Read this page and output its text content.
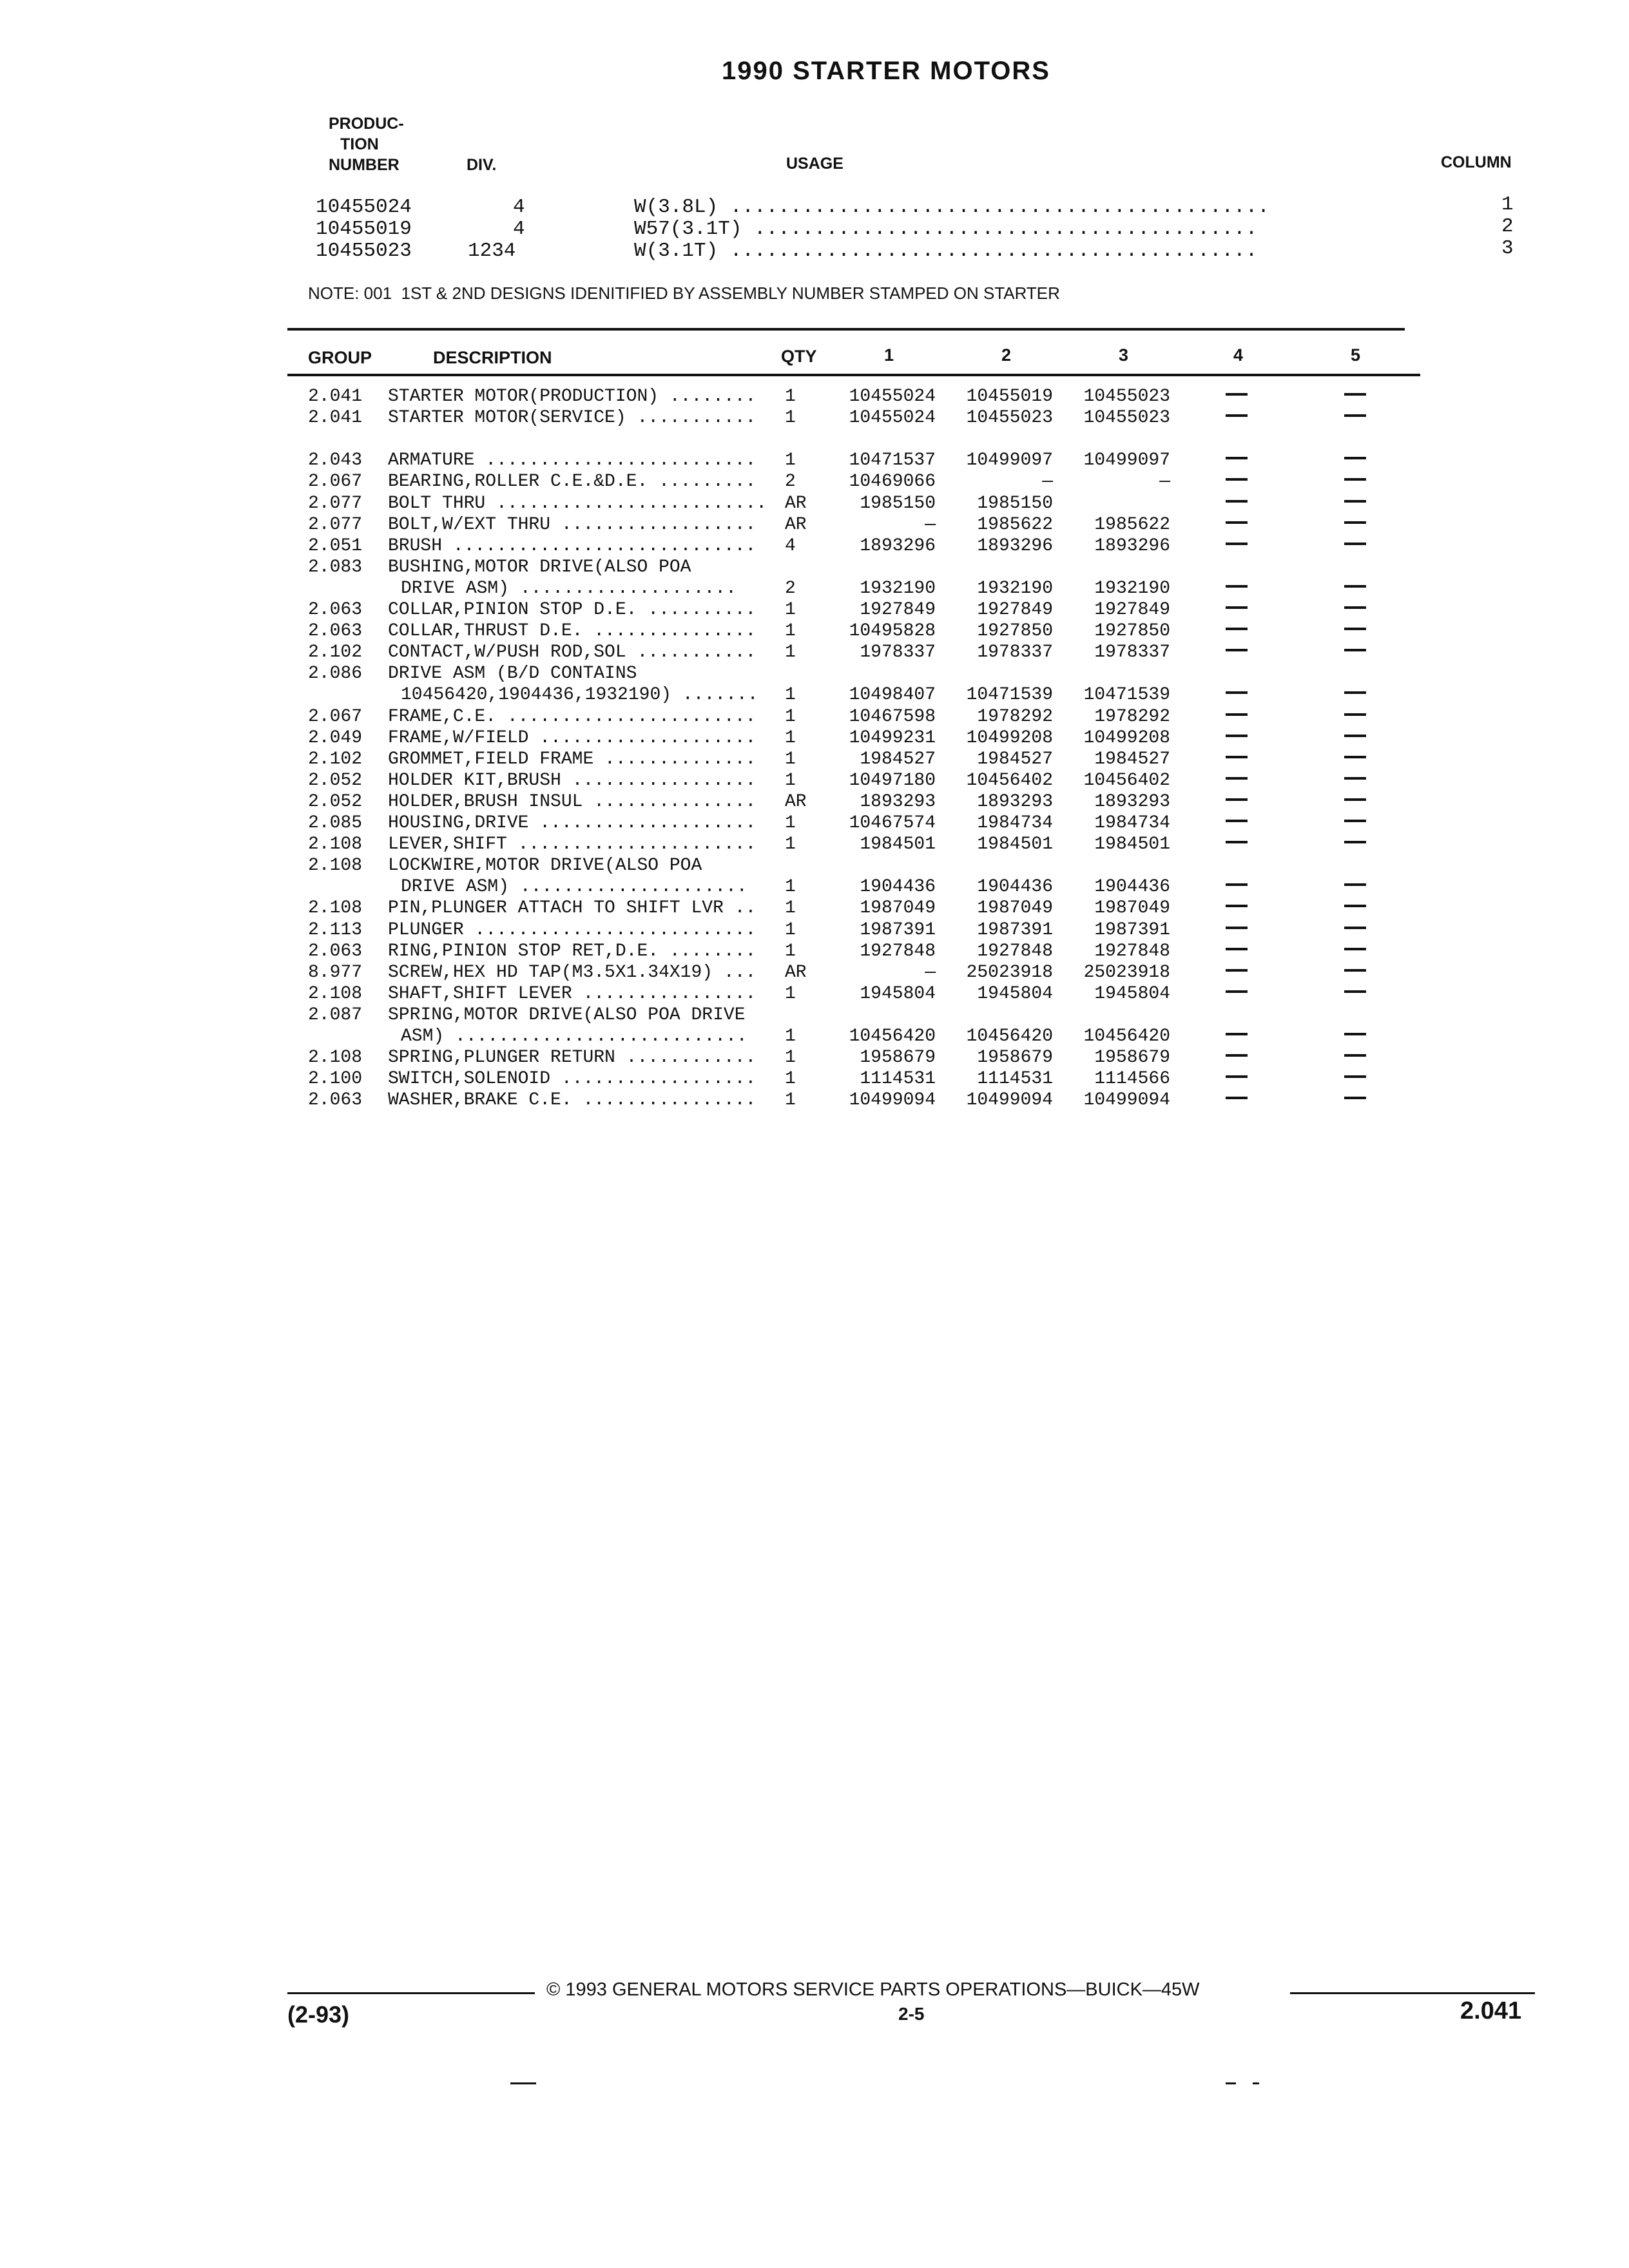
1990 STARTER MOTORS
PRODUC-
TION
NUMBER	DIV.	USAGE	COLUMN
10455024	4	W(3.8L) .............................................	1
10455019	4	W57(3.1T) ..........................................	2
10455023	1234	W(3.1T) ............................................	3
NOTE: 001  1ST & 2ND DESIGNS IDENITIFIED BY ASSEMBLY NUMBER STAMPED ON STARTER
GROUP	DESCRIPTION	QTY	1	2	3	4	5
2.041 STARTER MOTOR(PRODUCTION) ........ 1	10455024	10455019	10455023
2.041 STARTER MOTOR(SERVICE) ........... 1	10455024	10455023	10455023
2.043 ARMATURE ......................... 1	10471537	10499097	10499097
2.067 BEARING,ROLLER C.E.&D.E. ......... 2	10469066	—	—
2.077 BOLT THRU ......................... AR	1985150	1985150
2.077 BOLT,W/EXT THRU .................. AR	—	1985622	1985622
2.051 BRUSH ............................ 4	1893296	1893296	1893296
2.083 BUSHING,MOTOR DRIVE(ALSO POA
DRIVE ASM) ....................	2	1932190	1932190	1932190
2.063 COLLAR,PINION STOP D.E. .......... 1	1927849	1927849	1927849
2.063 COLLAR,THRUST D.E. ............... 1	10495828	1927850	1927850
2.102 CONTACT,W/PUSH ROD,SOL ........... 1	1978337	1978337	1978337
2.086 DRIVE ASM (B/D CONTAINS
10456420,1904436,1932190) ....... 1	10498407	10471539	10471539
2.067 FRAME,C.E. ....................... 1	10467598	1978292	1978292
2.049 FRAME,W/FIELD .................... 1	10499231	10499208	10499208
2.102 GROMMET,FIELD FRAME .............. 1	1984527	1984527	1984527
2.052 HOLDER KIT,BRUSH ................. 1	10497180	10456402	10456402
2.052 HOLDER,BRUSH INSUL ............... AR	1893293	1893293	1893293
2.085 HOUSING,DRIVE .................... 1	10467574	1984734	1984734
2.108 LEVER,SHIFT ...................... 1	1984501	1984501	1984501
2.108 LOCKWIRE,MOTOR DRIVE(ALSO POA
DRIVE ASM) ..................... 1	1904436	1904436	1904436
2.108 PIN,PLUNGER ATTACH TO SHIFT LVR .. 1	1987049	1987049	1987049
2.113 PLUNGER .......................... 1	1987391	1987391	1987391
2.063 RING,PINION STOP RET,D.E. ........ 1	1927848	1927848	1927848
8.977 SCREW,HEX HD TAP(M3.5X1.34X19) ... AR	—	25023918	25023918
2.108 SHAFT,SHIFT LEVER ................ 1	1945804	1945804	1945804
2.087 SPRING,MOTOR DRIVE(ALSO POA DRIVE
ASM) ........................... 1	10456420	10456420	10456420
2.108 SPRING,PLUNGER RETURN ............ 1	1958679	1958679	1958679
2.100 SWITCH,SOLENOID .................. 1	1114531	1114531	1114566
2.063 WASHER,BRAKE C.E. ................ 1	10499094	10499094	10499094
© 1993 GENERAL MOTORS SERVICE PARTS OPERATIONS—BUICK—45W
(2-93)	2-5	2.041
